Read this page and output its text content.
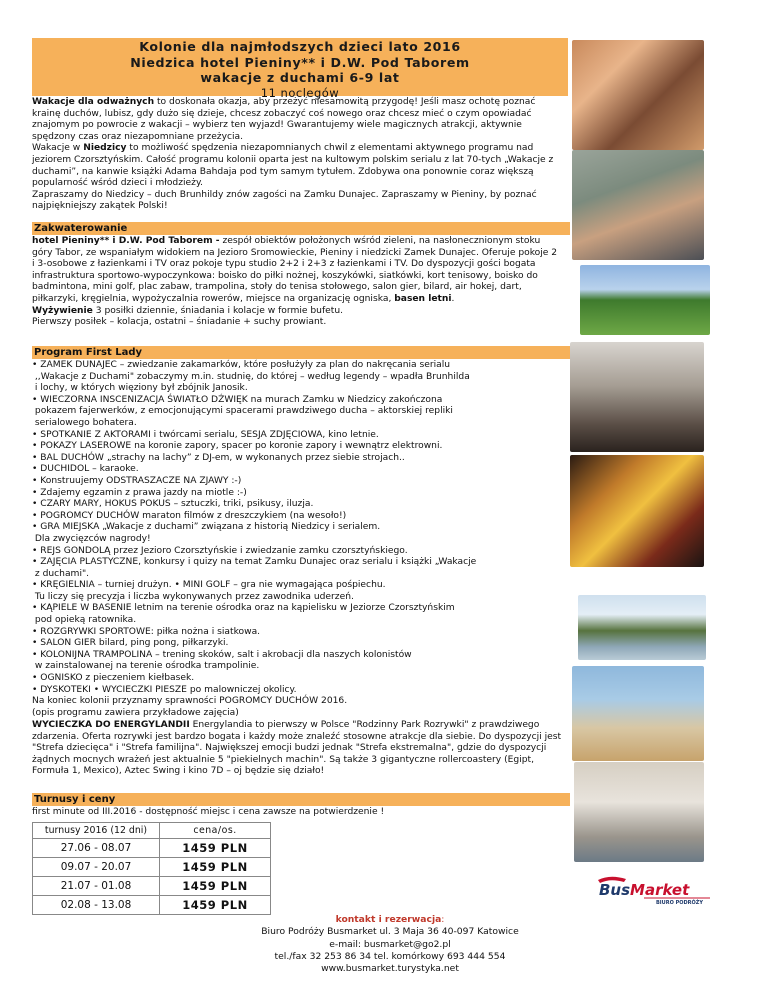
Kolonie dla najmłodszych dzieci lato 2016
Niedzica hotel Pieniny** i D.W. Pod Taborem
wakacje z duchami 6-9 lat
11 noclegów

Wakacje dla odważnych to doskonała okazja, aby przeżyć niesamowitą przygodę! Jeśli masz ochotę poznać krainę duchów, lubisz, gdy dużo się dzieje, chcesz zobaczyć coś nowego oraz chcesz mieć o czym opowiadać znajomym po powrocie z wakacji – wybierz ten wyjazd! Gwarantujemy wiele magicznych atrakcji, aktywnie spędzony czas oraz niezapomniane przeżycia.

Wakacje w Niedzicy to możliwość spędzenia niezapomnianych chwil z elementami aktywnego programu nad jeziorem Czorsztyńskim. Całość programu kolonii oparta jest na kultowym polskim serialu z lat 70-tych „Wakacje z duchami”, na kanwie książki Adama Bahdaja pod tym samym tytułem. Zdobywa ona ponownie coraz większą popularność wśród dzieci i młodzieży.

Zapraszamy do Niedzicy – duch Brunhildy znów zagości na Zamku Dunajec. Zapraszamy w Pieniny, by poznać najpiękniejszy zakątek Polski!

Zakwaterowanie

hotel Pieniny** i D.W. Pod Taborem - zespół obiektów położonych wśród zieleni, na nasłonecznionym stoku góry Tabor, ze wspaniałym widokiem na Jezioro Sromowieckie, Pieniny i niedzicki Zamek Dunajec. Oferuje pokoje 2 i 3-osobowe z łazienkami i TV oraz pokoje typu studio 2+2 i 2+3 z łazienkami i TV. Do dyspozycji gości bogata infrastruktura sportowo-wypoczynkowa: boisko do piłki nożnej, koszykówki, siatkówki, kort tenisowy, boisko do badmintona, mini golf, plac zabaw, trampolina, stoły do tenisa stołowego, salon gier, bilard, air hokej, dart, piłkarzyki, kręgielnia, wypożyczalnia rowerów, miejsce na organizację ogniska, basen letni.

Wyżywienie 3 posiłki dziennie, śniadania i kolacje w formie bufetu.

Pierwszy posiłek – kolacja, ostatni – śniadanie + suchy prowiant.

Program First Lady

• ZAMEK DUNAJEC – zwiedzanie zakamarków, które posłużyły za plan do nakręcania serialu

,,Wakacje z Duchami" zobaczymy m.in. studnię, do której – według legendy – wpadła Brunhilda

i lochy, w których więziony był zbójnik Janosik.

• WIECZORNA INSCENIZACJA ŚWIATŁO DŹWIĘK na murach Zamku w Niedzicy zakończona

pokazem fajerwerków, z emocjonującymi spacerami prawdziwego ducha – aktorskiej repliki

serialowego bohatera.

• SPOTKANIE Z AKTORAMI i twórcami serialu, SESJA ZDJĘCIOWA, kino letnie.

• POKAZY LASEROWE na koronie zapory, spacer po koronie zapory i wewnątrz elektrowni.

• BAL DUCHÓW „strachy na lachy” z DJ-em, w wykonanych przez siebie strojach..

• DUCHIDOL – karaoke.

• Konstruujemy ODSTRASZACZE NA ZJAWY :-)

• Zdajemy egzamin z prawa jazdy na miotle :-)

• CZARY MARY, HOKUS POKUS – sztuczki, triki, psikusy, iluzja.

• POGROMCY DUCHÓW maraton filmów z dreszczykiem (na wesoło!)

• GRA MIEJSKA „Wakacje z duchami” związana z historią Niedzicy i serialem.

Dla zwycięzców nagrody!

• REJS GONDOLĄ przez Jezioro Czorsztyńskie i zwiedzanie zamku czorsztyńskiego.

• ZAJĘCIA PLASTYCZNE, konkursy i quizy na temat Zamku Dunajec oraz serialu i książki „Wakacje

z duchami".

• KRĘGIELNIA – turniej drużyn. • MINI GOLF – gra nie wymagająca pośpiechu.

Tu liczy się precyzja i liczba wykonywanych przez zawodnika uderzeń.

• KĄPIELE W BASENIE letnim na terenie ośrodka oraz na kąpielisku w Jeziorze Czorsztyńskim

pod opieką ratownika.

• ROZGRYWKI SPORTOWE: piłka nożna i siatkowa.

• SALON GIER bilard, ping pong, piłkarzyki.

• KOLONIJNA TRAMPOLINA – trening skoków, salt i akrobacji dla naszych kolonistów

w zainstalowanej na terenie ośrodka trampolinie.

• OGNISKO z pieczeniem kiełbasek.

• DYSKOTEKI • WYCIECZKI PIESZE po malowniczej okolicy.

Na koniec kolonii przyznamy sprawności POGROMCY DUCHÓW 2016.

(opis programu zawiera przykładowe zajęcia)

WYCIECZKA DO ENERGYLANDII Energylandia to pierwszy w Polsce "Rodzinny Park Rozrywki" z prawdziwego zdarzenia. Oferta rozrywki jest bardzo bogata i każdy może znaleźć stosowne atrakcje dla siebie. Do dyspozycji jest "Strefa dziecięca" i "Strefa familijna". Największej emocji budzi jednak "Strefa ekstremalna", gdzie do dyspozycji żądnych mocnych wrażeń jest aktualnie 5 "piekielnych machin". Są także 3 gigantyczne rollercoastery (Egipt, Formuła 1, Mexico), Aztec Swing i kino 7D – oj będzie się działo!

Turnusy i ceny
first minute od III.2016 - dostępność miejsc i cena zawsze na potwierdzenie !
turnusy 2016 (12 dni)	cena/os.
27.06 - 08.07	1459 PLN
09.07 - 20.07	1459 PLN
21.07 - 01.08	1459 PLN
02.08 - 13.08	1459 PLN
BusMarket
BIURO PODRÓŻY
kontakt i rezerwacja:
Biuro Podróży Busmarket ul. 3 Maja 36 40-097 Katowice
e-mail: busmarket@go2.pl
tel./fax 32 253 86 34 tel. komórkowy 693 444 554
www.busmarket.turystyka.net
